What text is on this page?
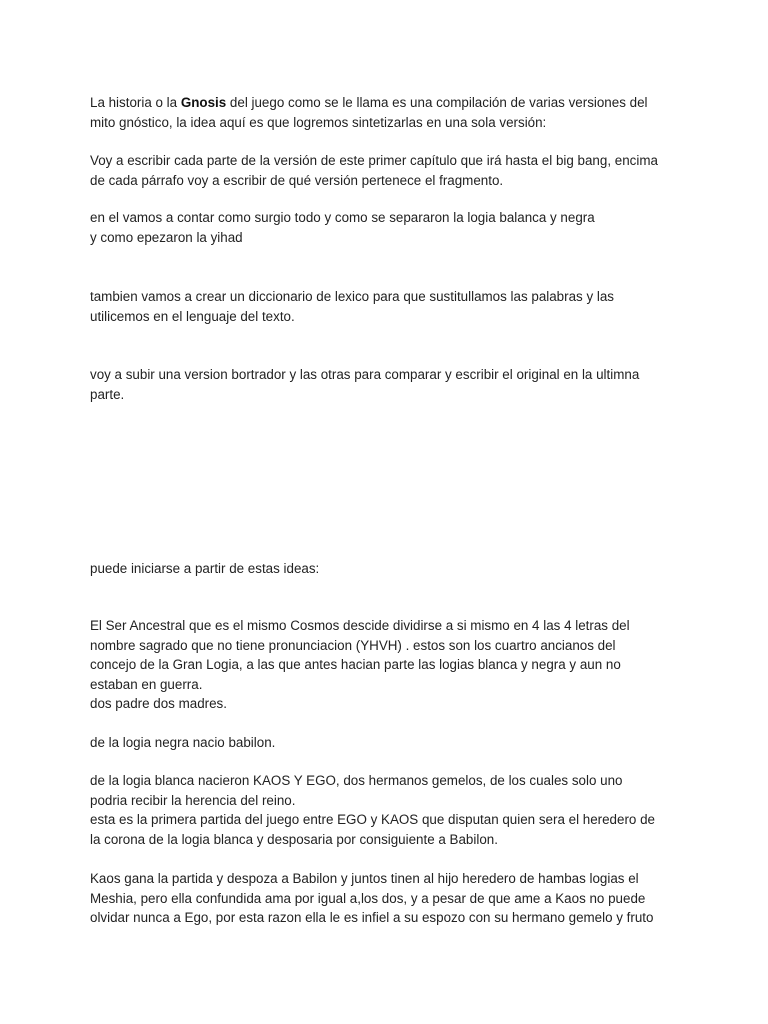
La historia o la Gnosis del juego como se le llama es una compilación de varias versiones del
mito gnóstico, la idea aquí es que logremos sintetizarlas en una sola versión:

Voy a escribir cada parte de la versión de este primer capítulo que irá hasta el big bang, encima
de cada párrafo voy a escribir de qué versión pertenece el fragmento.

en el vamos a contar como surgio todo y como se separaron la logia balanca y negra
y como epezaron la yihad

tambien vamos a crear un diccionario de lexico para que sustitullamos las palabras y las
utilicemos en el lenguaje del texto.

voy a subir una version bortrador y las otras para comparar y escribir el original en la ultimna
parte.

puede iniciarse a partir de estas ideas:

El Ser Ancestral que es el mismo Cosmos descide dividirse a si mismo en 4 las 4 letras del
nombre sagrado que no tiene pronunciacion (YHVH) . estos son los cuartro ancianos del
concejo de la Gran Logia, a las que antes hacian parte las logias blanca y negra y aun no
estaban en guerra.
dos padre dos madres.

de la logia negra nacio babilon.

de la logia blanca nacieron KAOS Y EGO, dos hermanos gemelos, de los cuales solo uno
podria recibir la herencia del reino.
esta es la primera partida del juego entre EGO y KAOS que disputan quien sera el heredero de
la corona de la logia blanca y desposaria por consiguiente a Babilon.

Kaos gana la partida y despoza a Babilon y juntos tinen al hijo heredero de hambas logias el
Meshia, pero ella confundida ama por igual a,los dos, y a pesar de que ame a Kaos no puede
olvidar nunca a Ego, por esta razon ella le es infiel a su espozo con su hermano gemelo y fruto
